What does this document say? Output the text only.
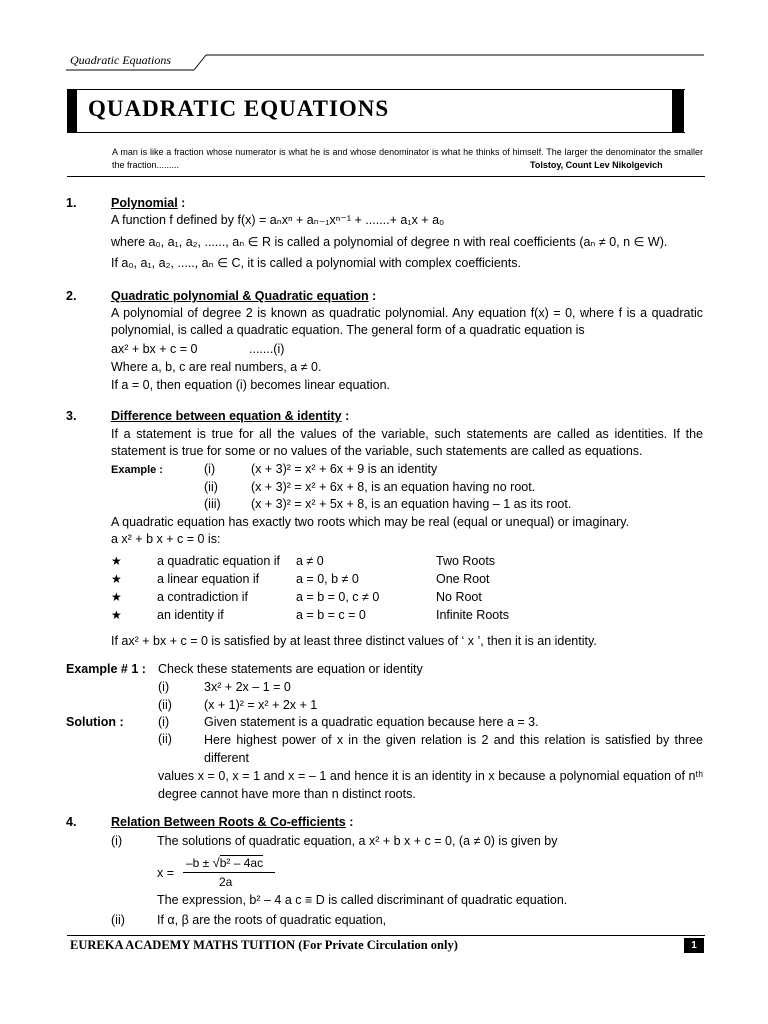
Quadratic Equations
QUADRATIC EQUATIONS
A man is like a fraction whose numerator is what he is and whose denominator is what he thinks of himself. The larger the denominator the smaller the fraction.........	Tolstoy, Count Lev Nikolgevich
1.	Polynomial :
A function f defined by f(x) = aₙxⁿ + aₙ₋₁xⁿ⁻¹ + .......+ a₁x + a₀
where a₀, a₁, a₂, ......, aₙ ∈ R is called a polynomial of degree n with real coefficients (aₙ ≠ 0, n ∈ W).
If a₀, a₁, a₂, ....., aₙ ∈ C, it is called a polynomial with complex coefficients.
2.	Quadratic polynomial & Quadratic equation :
A polynomial of degree 2 is known as quadratic polynomial. Any equation f(x) = 0, where f is a quadratic polynomial, is called a quadratic equation. The general form of a quadratic equation is
ax² + bx + c = 0	.......(i)
Where a, b, c are real numbers, a ≠ 0.
If a = 0, then equation (i) becomes linear equation.
3.	Difference between equation & identity :
If a statement is true for all the values of the variable, such statements are called as identities. If the statement is true for some or no values of the variable, such statements are called as equations.
Example :	(i)	(x + 3)² = x² + 6x + 9 is an identity
(ii)	(x + 3)² = x² + 6x + 8, is an equation having no root.
(iii) (x + 3)² = x² + 5x + 8, is an equation having – 1 as its root.
A quadratic equation has exactly two roots which may be real (equal or unequal) or imaginary.
a x² + b x + c = 0 is:
★	a quadratic equation if a ≠ 0	Two Roots
★	a linear equation if	a = 0, b ≠ 0	One Root
★	a contradiction if	a = b = 0, c ≠ 0	No Root
★	an identity if	a = b = c = 0	Infinite Roots
If ax² + bx + c = 0 is satisfied by at least three distinct values of ‘ x ’, then it is an identity.
Example # 1 : Check these statements are equation or identity
(i)	3x² + 2x – 1 = 0
(ii)	(x + 1)² = x² + 2x + 1
Solution :	(i)	Given statement is a quadratic equation because here a = 3.
(ii)	Here highest power of x in the given relation is 2 and this relation is satisfied by three different
values x = 0, x = 1 and x = – 1 and hence it is an identity in x because a polynomial equation of nᵗʰ degree cannot have more than n distinct roots.
4.	Relation Between Roots & Co-efficients :
(i)	The solutions of quadratic equation, a x² + b x + c = 0, (a ≠ 0) is given by
x =
–b ± √b² – 4ac
2a
The expression, b² – 4 a c ≡ D is called discriminant of quadratic equation.
(ii)	If α, β are the roots of quadratic equation,
EUREKA ACADEMY MATHS TUITION (For Private Circulation only)	1
